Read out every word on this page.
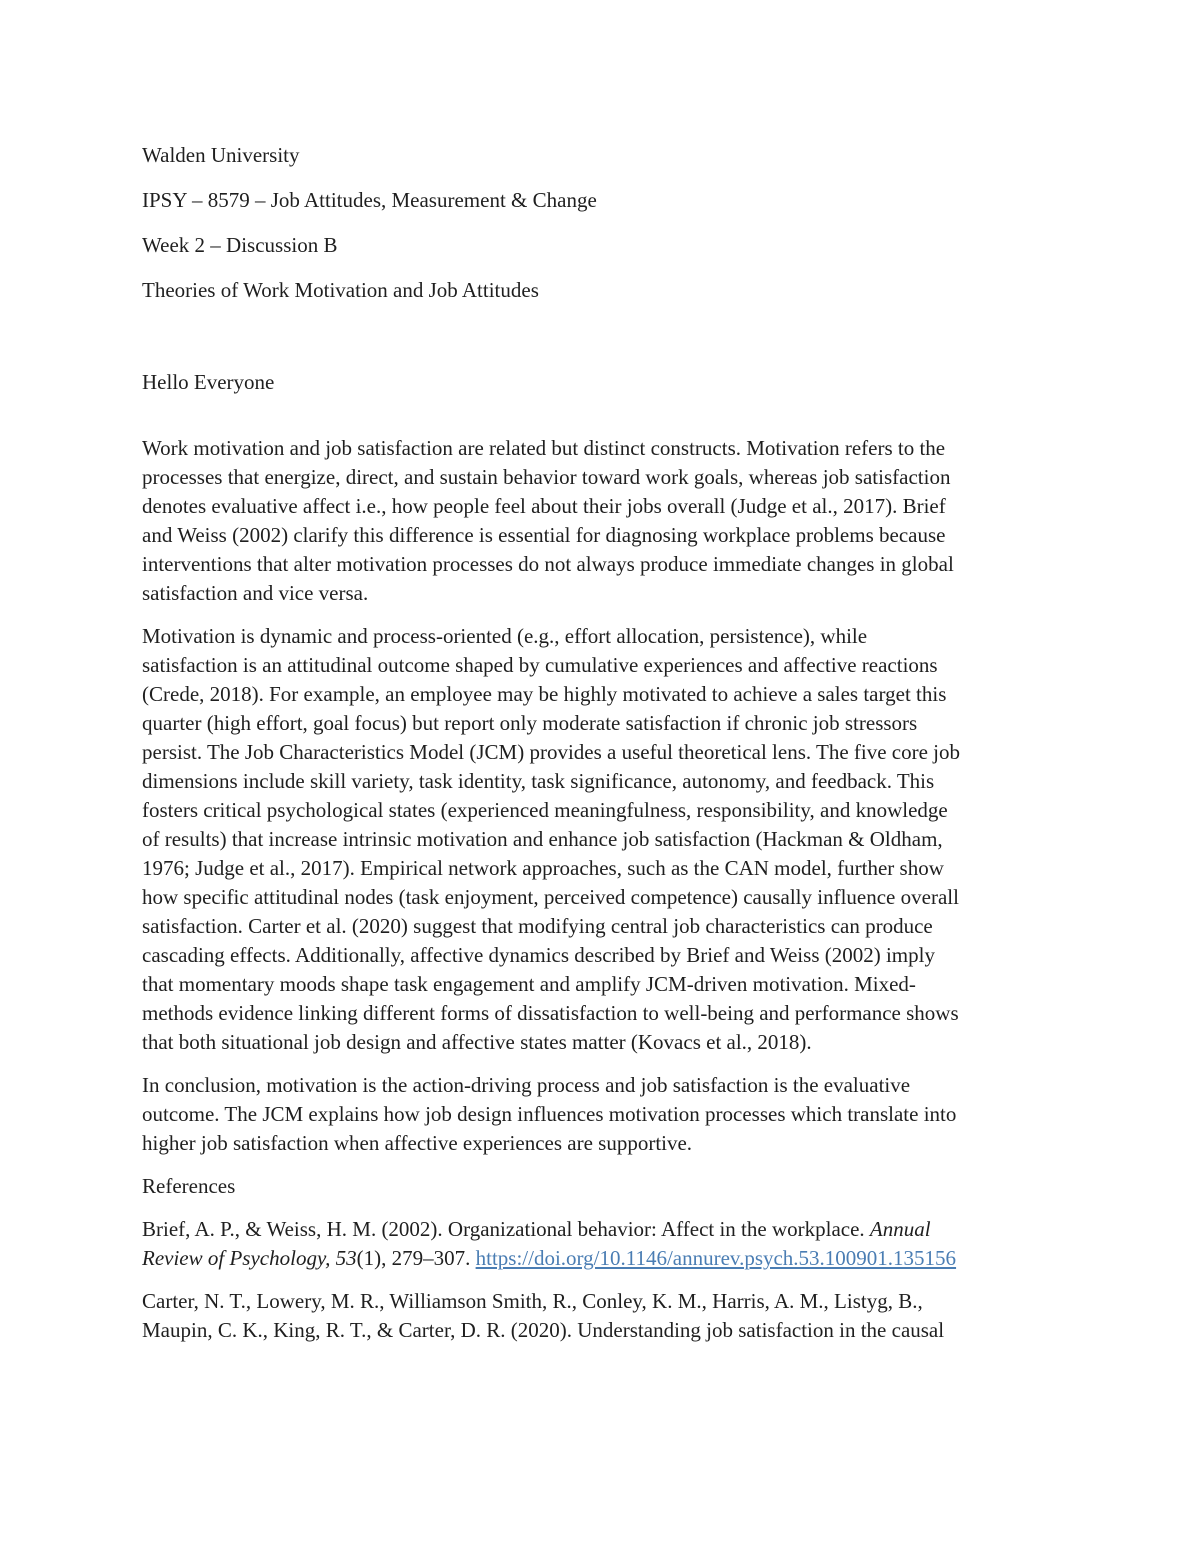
Walden University
IPSY – 8579 – Job Attitudes, Measurement & Change
Week 2 – Discussion B
Theories of Work Motivation and Job Attitudes
Hello Everyone

Work motivation and job satisfaction are related but distinct constructs. Motivation refers to the
processes that energize, direct, and sustain behavior toward work goals, whereas job satisfaction
denotes evaluative affect i.e., how people feel about their jobs overall (Judge et al., 2017). Brief
and Weiss (2002) clarify this difference is essential for diagnosing workplace problems because
interventions that alter motivation processes do not always produce immediate changes in global
satisfaction and vice versa.

Motivation is dynamic and process-oriented (e.g., effort allocation, persistence), while
satisfaction is an attitudinal outcome shaped by cumulative experiences and affective reactions
(Crede, 2018). For example, an employee may be highly motivated to achieve a sales target this
quarter (high effort, goal focus) but report only moderate satisfaction if chronic job stressors
persist. The Job Characteristics Model (JCM) provides a useful theoretical lens. The five core job
dimensions include skill variety, task identity, task significance, autonomy, and feedback. This
fosters critical psychological states (experienced meaningfulness, responsibility, and knowledge
of results) that increase intrinsic motivation and enhance job satisfaction (Hackman & Oldham,
1976; Judge et al., 2017). Empirical network approaches, such as the CAN model, further show
how specific attitudinal nodes (task enjoyment, perceived competence) causally influence overall
satisfaction. Carter et al. (2020) suggest that modifying central job characteristics can produce
cascading effects. Additionally, affective dynamics described by Brief and Weiss (2002) imply
that momentary moods shape task engagement and amplify JCM-driven motivation. Mixed-
methods evidence linking different forms of dissatisfaction to well-being and performance shows
that both situational job design and affective states matter (Kovacs et al., 2018).

In conclusion, motivation is the action-driving process and job satisfaction is the evaluative
outcome. The JCM explains how job design influences motivation processes which translate into
higher job satisfaction when affective experiences are supportive.

References
Brief, A. P., & Weiss, H. M. (2002). Organizational behavior: Affect in the workplace. Annual
Review of Psychology, 53(1), 279–307. https://doi.org/10.1146/annurev.psych.53.100901.135156
Carter, N. T., Lowery, M. R., Williamson Smith, R., Conley, K. M., Harris, A. M., Listyg, B.,
Maupin, C. K., King, R. T., & Carter, D. R. (2020). Understanding job satisfaction in the causal
